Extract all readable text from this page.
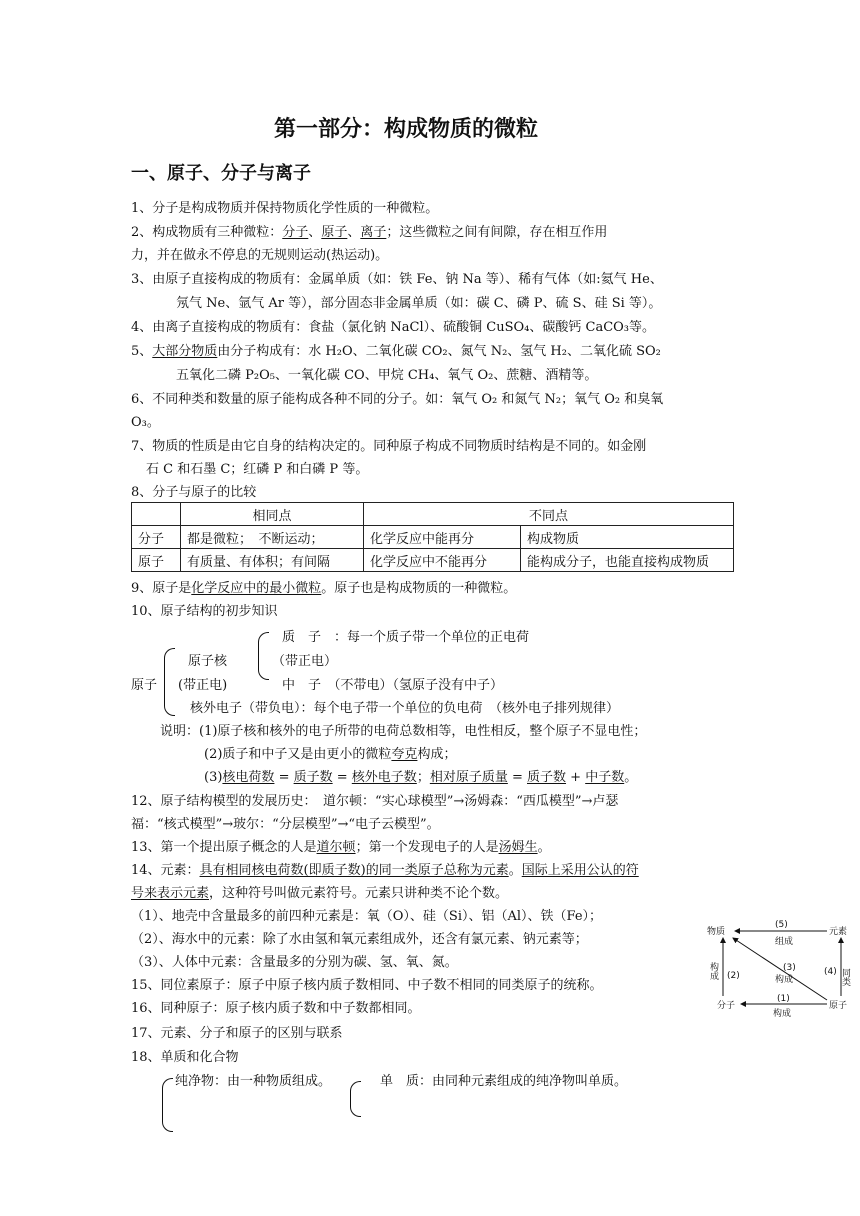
第一部分：构成物质的微粒
一、原子、分子与离子
1、分子是构成物质并保持物质化学性质的一种微粒。
2、构成物质有三种微粒：分子、原子、离子；这些微粒之间有间隙，存在相互作用
力，并在做永不停息的无规则运动(热运动)。
3、由原子直接构成的物质有：金属单质（如：铁 Fe、钠 Na 等）、稀有气体（如:氦气 He、
氖气 Ne、氩气 Ar 等），部分固态非金属单质（如：碳 C、磷 P、硫 S、硅 Si 等）。
4、由离子直接构成的物质有：食盐（氯化钠 NaCl）、硫酸铜 CuSO₄、碳酸钙 CaCO₃等。
5、大部分物质由分子构成有：水 H₂O、二氧化碳 CO₂、氮气 N₂、氢气 H₂、二氧化硫 SO₂
五氧化二磷 P₂O₅、一氧化碳 CO、甲烷 CH₄、氧气 O₂、蔗糖、酒精等。
6、不同种类和数量的原子能构成各种不同的分子。如：氧气 O₂ 和氮气 N₂；氧气 O₂ 和臭氧
O₃。
7、物质的性质是由它自身的结构决定的。同种原子构成不同物质时结构是不同的。如金刚
石 C 和石墨 C；红磷 P 和白磷 P 等。
8、分子与原子的比较
	相同点	不同点	
分子	都是微粒；　不断运动；	化学反应中能再分	构成物质
原子	有质量、有体积；有间隔	化学反应中不能再分	能构成分子，也能直接构成物质
9、原子是化学反应中的最小微粒。原子也是构成物质的一种微粒。
10、原子结构的初步知识
原子
原子核
(带正电)
质　子　：每一个质子带一个单位的正电荷
（带正电）
中　子　（不带电）（氢原子没有中子）
核外电子（带负电）：每个电子带一个单位的负电荷　（核外电子排列规律）
说明：(1)原子核和核外的电子所带的电荷总数相等，电性相反，整个原子不显电性；
(2)质子和中子又是由更小的微粒夸克构成；
(3)核电荷数 = 质子数 = 核外电子数；相对原子质量 = 质子数 + 中子数。
12、原子结构模型的发展历史：　道尔顿：“实心球模型”→汤姆森：“西瓜模型”→卢瑟
福：“核式模型”→玻尔：“分层模型”→“电子云模型”。
13、第一个提出原子概念的人是道尔顿；第一个发现电子的人是汤姆生。
14、元素：具有相同核电荷数(即质子数)的同一类原子总称为元素。国际上采用公认的符
号来表示元素，这种符号叫做元素符号。元素只讲种类不论个数。
（1）、地壳中含量最多的前四种元素是：氧（O）、硅（Si）、铝（Al）、铁（Fe）；
（2）、海水中的元素：除了水由氢和氧元素组成外，还含有氯元素、钠元素等；
（3）、人体中元素：含量最多的分别为碳、氢、氧、氮。
15、同位素原子：原子中原子核内质子数相同、中子数不相同的同类原子的统称。
16、同种原子：原子核内质子数和中子数都相同。
17、元素、分子和原子的区别与联系
18、单质和化合物
纯净物：由一种物质组成。	单　质：由同种元素组成的纯净物叫单质。
物质	元素
分子	原子
(5)
组成
构成 (2)
(3)
构成
(4) 同类
(1)
构成
